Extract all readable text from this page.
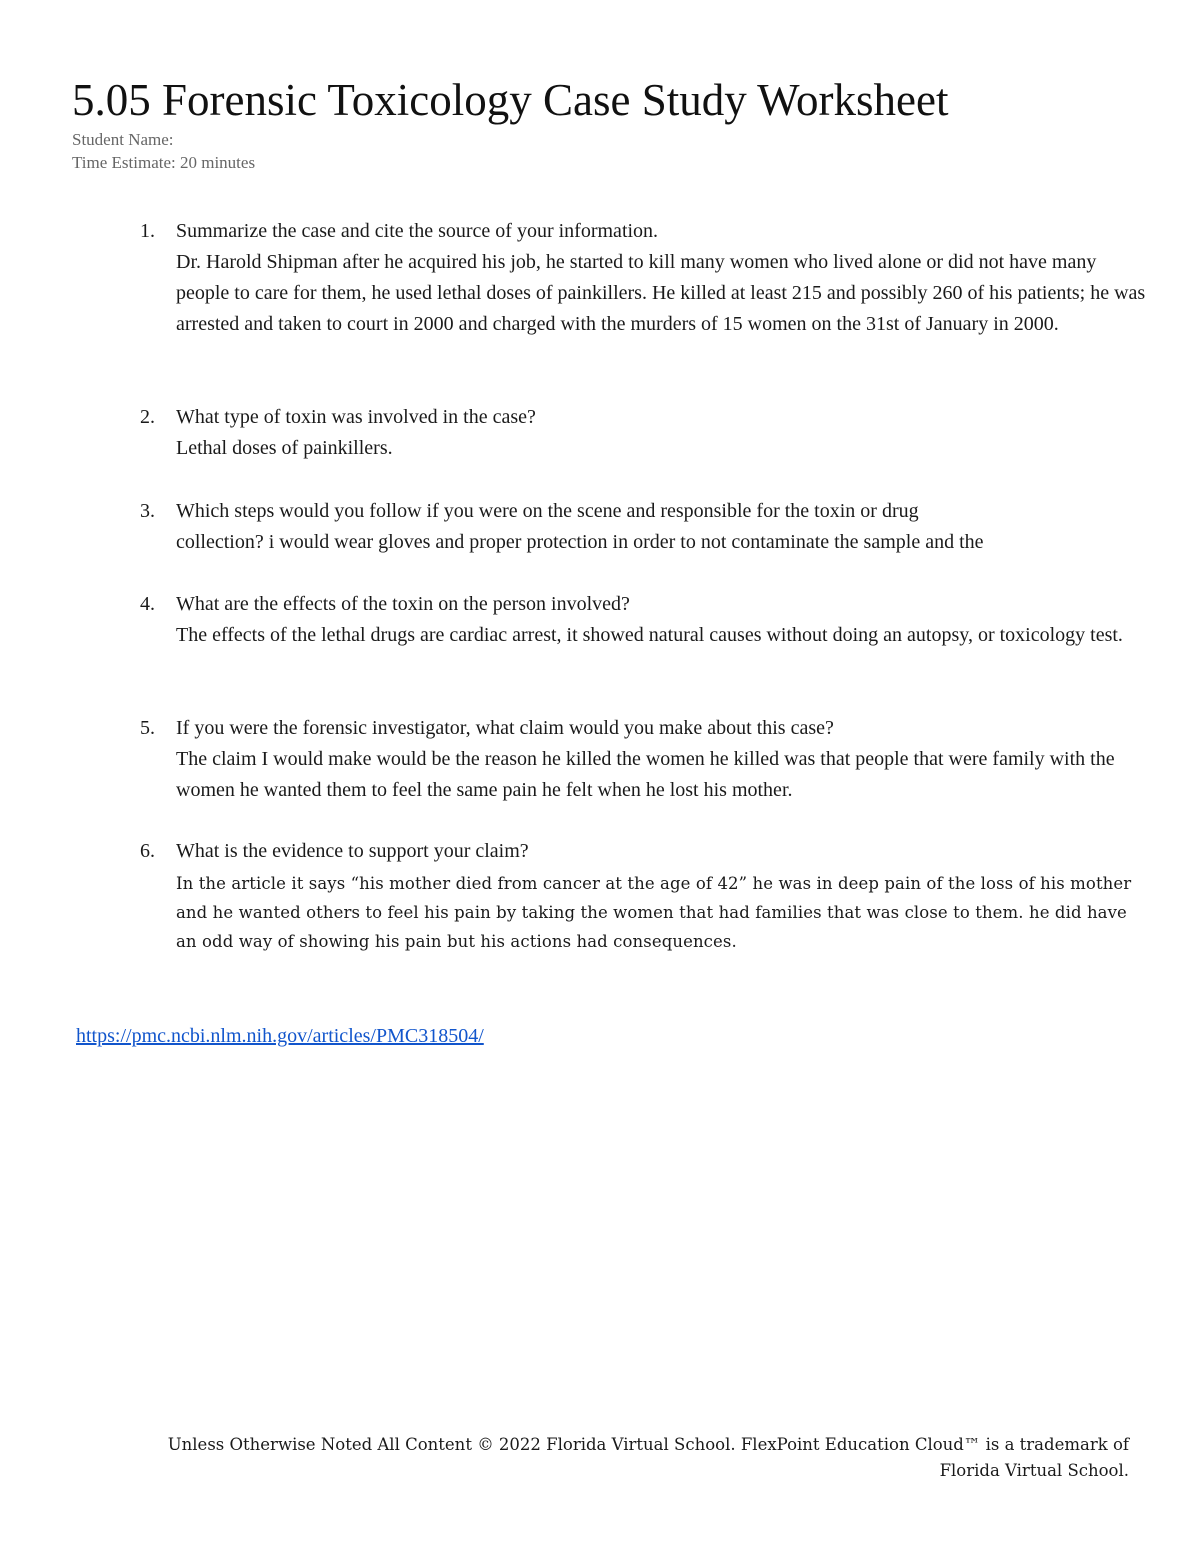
5.05 Forensic Toxicology Case Study Worksheet
Student Name:
Time Estimate: 20 minutes
1.	Summarize the case and cite the source of your information.
Dr. Harold Shipman after he acquired his job, he started to kill many women who lived alone or did not have many people to care for them, he used lethal doses of painkillers. He killed at least 215 and possibly 260 of his patients; he was arrested and taken to court in 2000 and charged with the murders of 15 women on the 31st of January in 2000.
2.	What type of toxin was involved in the case?
Lethal doses of painkillers.
3.	Which steps would you follow if you were on the scene and responsible for the toxin or drug
collection? i would wear gloves and proper protection in order to not contaminate the sample and the
4.	What are the effects of the toxin on the person involved?
The effects of the lethal drugs are cardiac arrest, it showed natural causes without doing an autopsy, or toxicology test.
5.	If you were the forensic investigator, what claim would you make about this case?
The claim I would make would be the reason he killed the women he killed was that people that were family with the women he wanted them to feel the same pain he felt when he lost his mother.
6.	What is the evidence to support your claim?
In the article it says “his mother died from cancer at the age of 42” he was in deep pain of the loss of his mother and he wanted others to feel his pain by taking the women that had families that was close to them. he did have an odd way of showing his pain but his actions had consequences.
https://pmc.ncbi.nlm.nih.gov/articles/PMC318504/
Unless Otherwise Noted All Content © 2022 Florida Virtual School. FlexPoint Education Cloud™ is a trademark of
Florida Virtual School.
